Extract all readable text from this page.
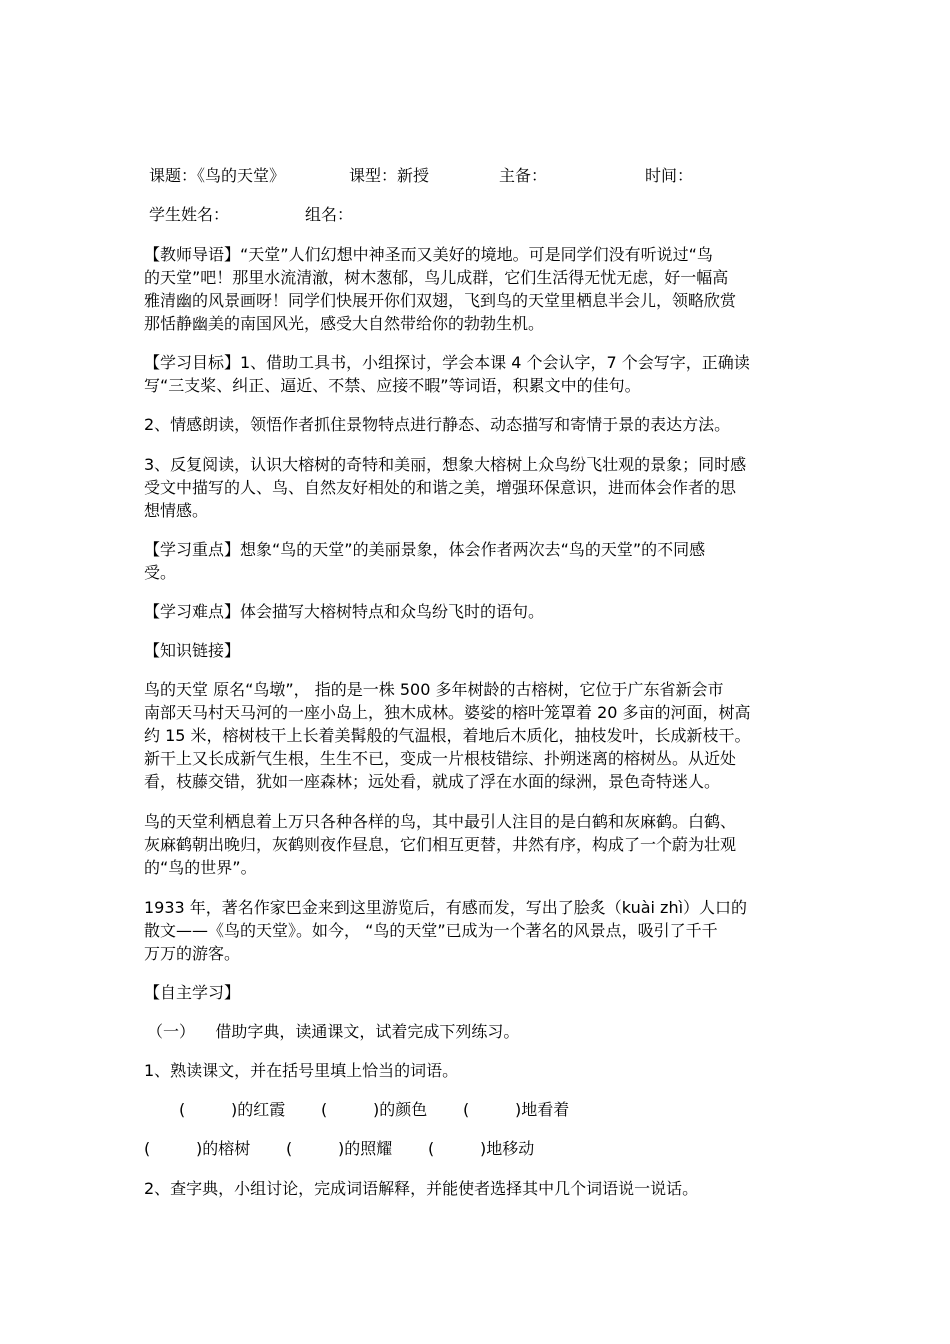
课题：《鸟的天堂》	课型：新授	主备：	时间：
学生姓名：	组名：
【教师导语】“天堂”人们幻想中神圣而又美好的境地。可是同学们没有听说过“鸟
的天堂”吧！那里水流清澈，树木葱郁，鸟儿成群，它们生活得无忧无虑，好一幅高
雅清幽的风景画呀！同学们快展开你们双翅，飞到鸟的天堂里栖息半会儿，领略欣赏
那恬静幽美的南国风光，感受大自然带给你的勃勃生机。
【学习目标】1、借助工具书，小组探讨，学会本课 4 个会认字，7 个会写字，正确读
写“三支桨、纠正、逼近、不禁、应接不暇”等词语，积累文中的佳句。
2、情感朗读，领悟作者抓住景物特点进行静态、动态描写和寄情于景的表达方法。
3、反复阅读，认识大榕树的奇特和美丽，想象大榕树上众鸟纷飞壮观的景象；同时感
受文中描写的人、鸟、自然友好相处的和谐之美，增强环保意识，进而体会作者的思
想情感。
【学习重点】想象“鸟的天堂”的美丽景象，体会作者两次去“鸟的天堂”的不同感
受。
【学习难点】体会描写大榕树特点和众鸟纷飞时的语句。
【知识链接】
鸟的天堂 原名“鸟墩”， 指的是一株 500 多年树龄的古榕树，它位于广东省新会市
南部天马村天马河的一座小岛上，独木成林。婆娑的榕叶笼罩着 20 多亩的河面，树高
约 15 米，榕树枝干上长着美髯般的气温根，着地后木质化，抽枝发叶，长成新枝干。
新干上又长成新气生根，生生不已，变成一片根枝错综、扑朔迷离的榕树丛。从近处
看，枝藤交错，犹如一座森林；远处看，就成了浮在水面的绿洲，景色奇特迷人。
鸟的天堂利栖息着上万只各种各样的鸟，其中最引人注目的是白鹤和灰麻鹤。白鹤、
灰麻鹤朝出晚归，灰鹤则夜作昼息，它们相互更替，井然有序，构成了一个蔚为壮观
的“鸟的世界”。
1933 年，著名作家巴金来到这里游览后，有感而发，写出了脍炙（kuài zhì）人口的
散文——《鸟的天堂》。如今， “鸟的天堂”已成为一个著名的风景点，吸引了千千
万万的游客。
【自主学习】
（一）    借助字典，读通课文，试着完成下列练习。
1、熟读课文，并在括号里填上恰当的词语。
(         )的红霞 (         )的颜色 (         )地看着
(         )的榕树 (         )的照耀 (         )地移动
2、查字典，小组讨论，完成词语解释，并能使者选择其中几个词语说一说话。
